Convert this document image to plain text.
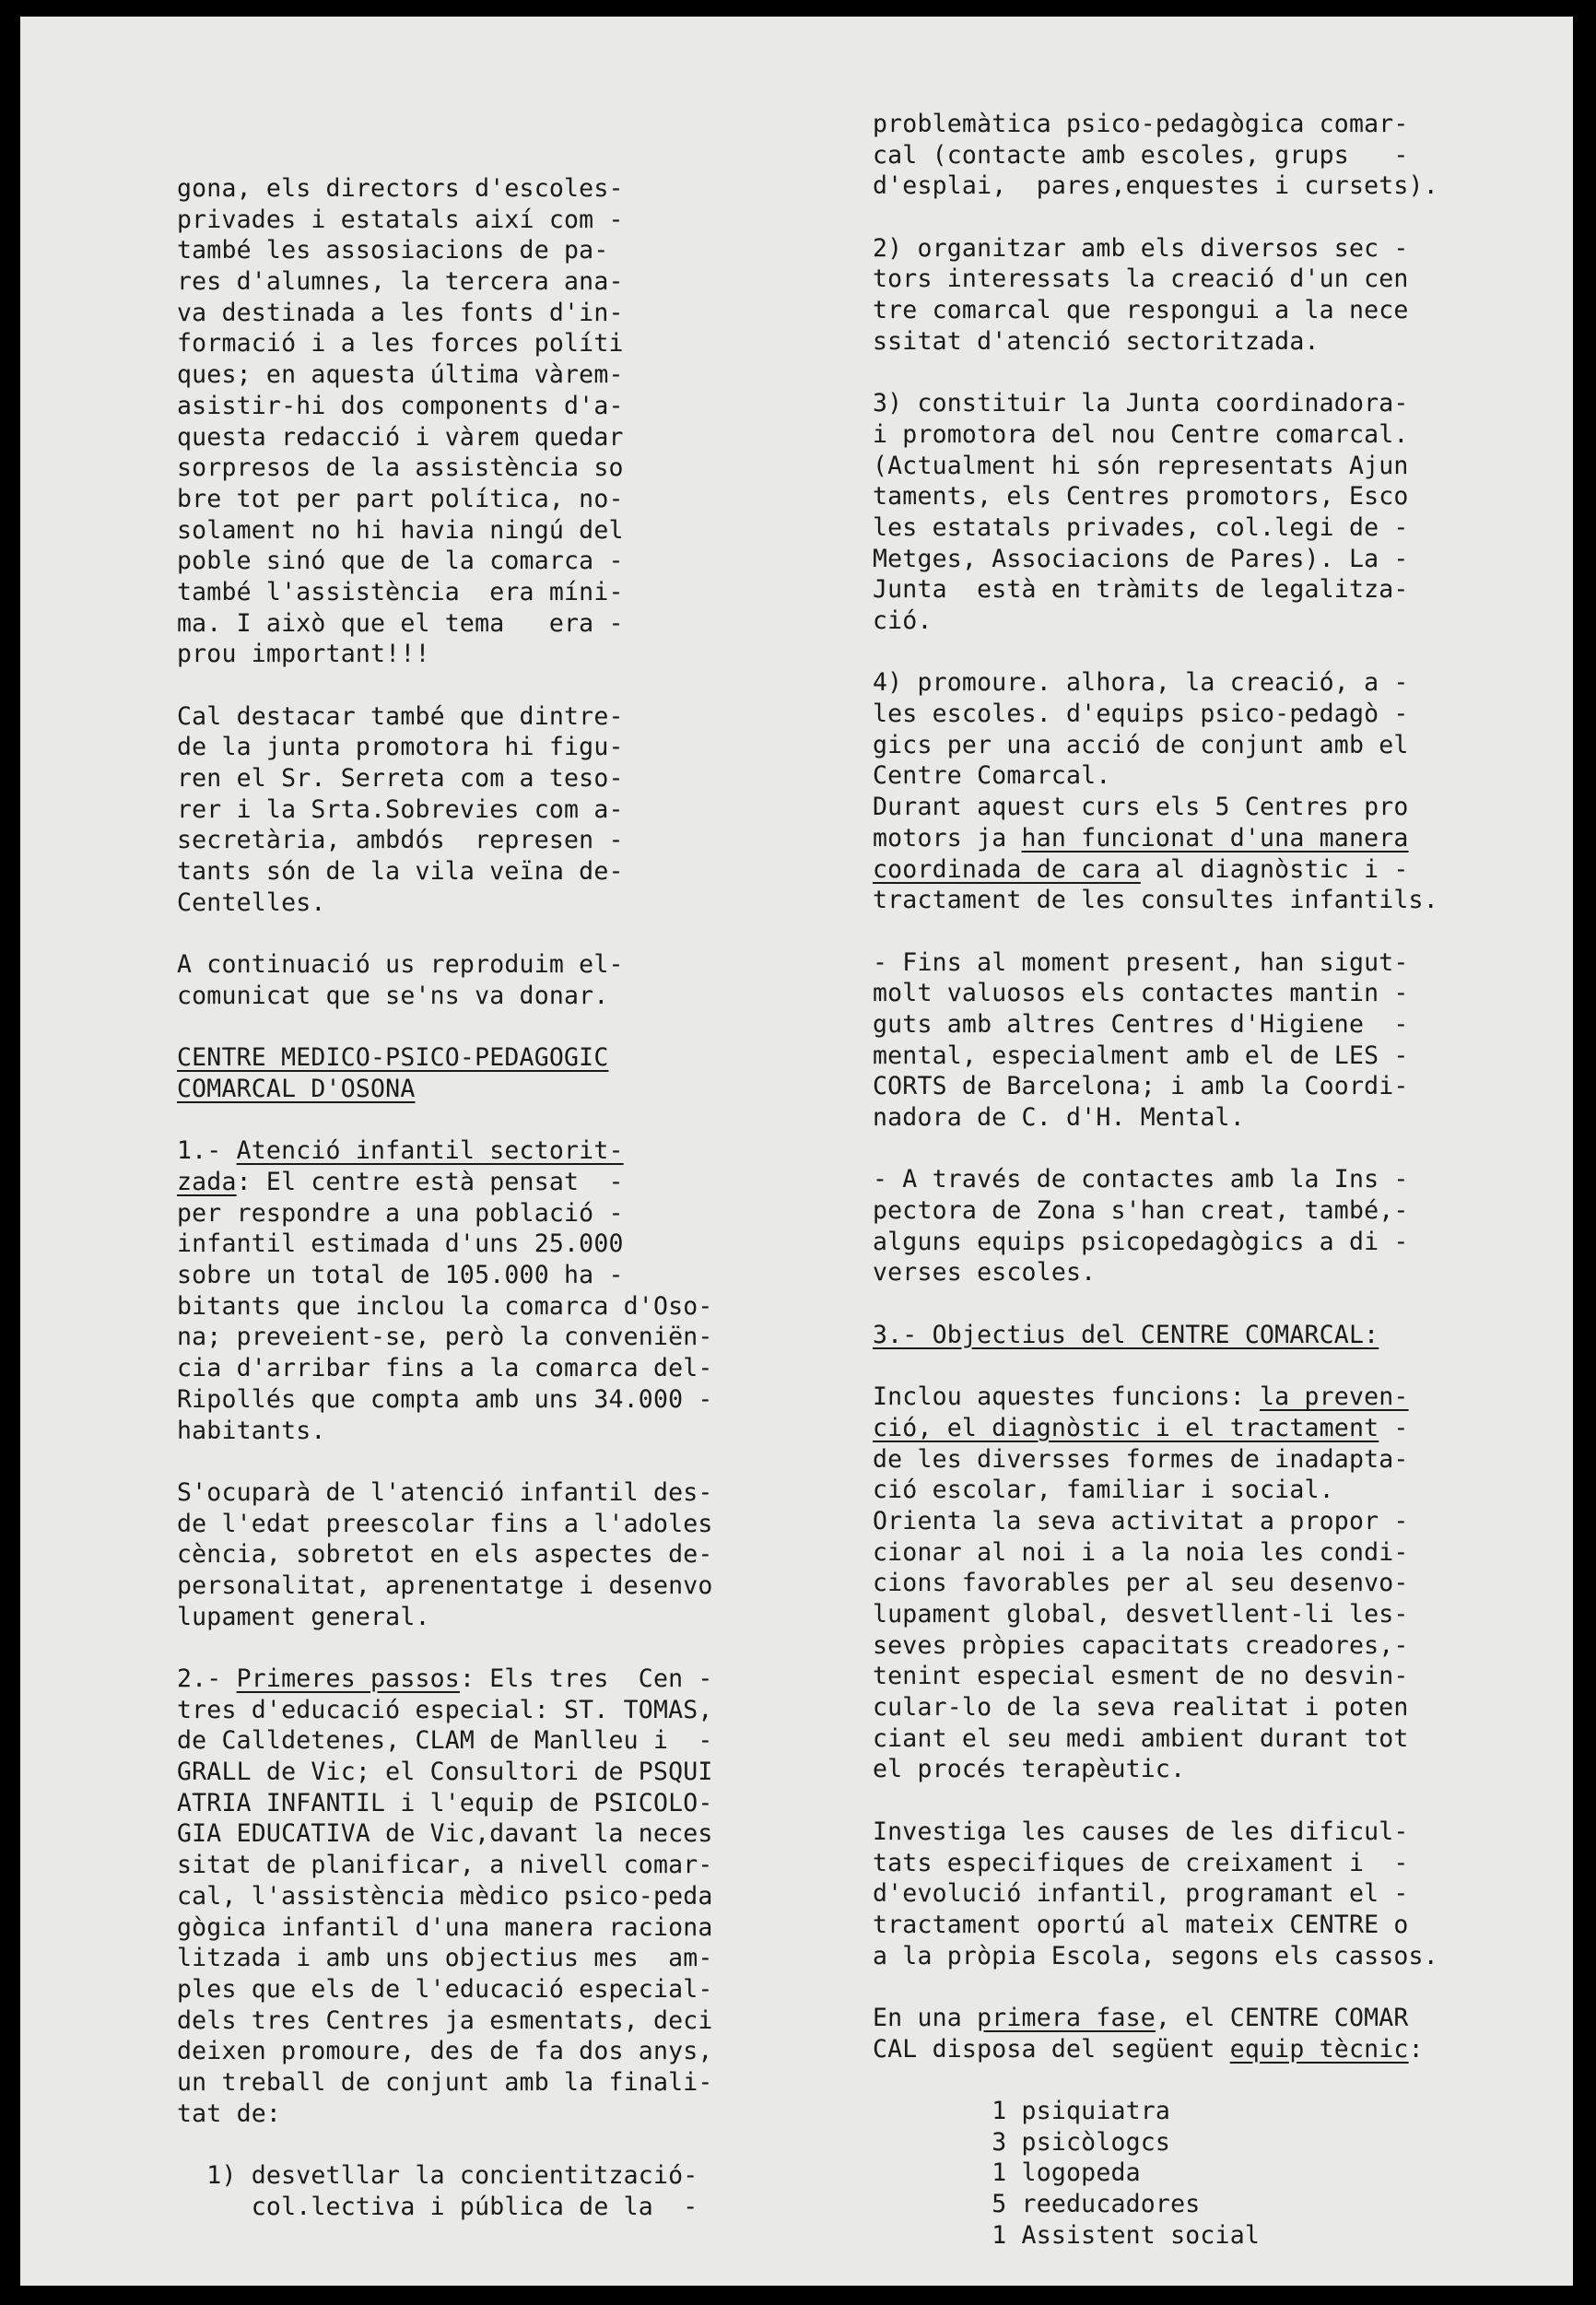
gona, els directors d'escoles-
privades i estatals així com -
també les assosiacions de pa-
res d'alumnes, la tercera ana-
va destinada a les fonts d'in-
formació i a les forces políti
ques; en aquesta última vàrem-
asistir-hi dos components d'a-
questa redacció i vàrem quedar
sorpresos de la assistència so
bre tot per part política, no-
solament no hi havia ningú del
poble sinó que de la comarca -
també l'assistència  era míni-
ma. I això que el tema   era -
prou important!!!
Cal destacar també que dintre-
de la junta promotora hi figu-
ren el Sr. Serreta com a teso-
rer i la Srta.Sobrevies com a-
secretària, ambdós  represen -
tants són de la vila veïna de-
Centelles.
A continuació us reproduim el-
comunicat que se'ns va donar.
CENTRE MEDICO-PSICO-PEDAGOGIC
COMARCAL D'OSONA
1.- Atenció infantil sectorit-
zada: El centre està pensat  -
per respondre a una població -
infantil estimada d'uns 25.000
sobre un total de 105.000 ha -
bitants que inclou la comarca d'Oso-
na; preveient-se, però la conveniën-
cia d'arribar fins a la comarca del-
Ripollés que compta amb uns 34.000 -
habitants.
S'ocuparà de l'atenció infantil des-
de l'edat preescolar fins a l'adoles
cència, sobretot en els aspectes de-
personalitat, aprenentatge i desenvo
lupament general.
2.- Primeres passos: Els tres  Cen -
tres d'educació especial: ST. TOMAS,
de Calldetenes, CLAM de Manlleu i  -
GRALL de Vic; el Consultori de PSQUI
ATRIA INFANTIL i l'equip de PSICOLO-
GIA EDUCATIVA de Vic,davant la neces
sitat de planificar, a nivell comar-
cal, l'assistència mèdico psico-peda
gògica infantil d'una manera raciona
litzada i amb uns objectius mes  am-
ples que els de l'educació especial-
dels tres Centres ja esmentats, deci
deixen promoure, des de fa dos anys,
un treball de conjunt amb la finali-
tat de:
1) desvetllar la concientització-
col.lectiva i pública de la  -
problemàtica psico-pedagògica comar-
cal (contacte amb escoles, grups   -
d'esplai,  pares,enquestes i cursets).
2) organitzar amb els diversos sec -
tors interessats la creació d'un cen
tre comarcal que respongui a la nece
ssitat d'atenció sectoritzada.
3) constituir la Junta coordinadora-
i promotora del nou Centre comarcal.
(Actualment hi són representats Ajun
taments, els Centres promotors, Esco
les estatals privades, col.legi de -
Metges, Associacions de Pares). La -
Junta  està en tràmits de legalitza-
ció.
4) promoure. alhora, la creació, a -
les escoles. d'equips psico-pedagò -
gics per una acció de conjunt amb el
Centre Comarcal.
Durant aquest curs els 5 Centres pro
motors ja han funcionat d'una manera
coordinada de cara al diagnòstic i -
tractament de les consultes infantils.
- Fins al moment present, han sigut-
molt valuosos els contactes mantin -
guts amb altres Centres d'Higiene  -
mental, especialment amb el de LES -
CORTS de Barcelona; i amb la Coordi-
nadora de C. d'H. Mental.
- A través de contactes amb la Ins -
pectora de Zona s'han creat, també,-
alguns equips psicopedagògics a di -
verses escoles.
3.- Objectius del CENTRE COMARCAL:
Inclou aquestes funcions: la preven-
ció, el diagnòstic i el tractament -
de les diversses formes de inadapta-
ció escolar, familiar i social.
Orienta la seva activitat a propor -
cionar al noi i a la noia les condi-
cions favorables per al seu desenvo-
lupament global, desvetllent-li les-
seves pròpies capacitats creadores,-
tenint especial esment de no desvin-
cular-lo de la seva realitat i poten
ciant el seu medi ambient durant tot
el procés terapèutic.
Investiga les causes de les dificul-
tats especifiques de creixament i  -
d'evolució infantil, programant el -
tractament oportú al mateix CENTRE o
a la pròpia Escola, segons els cassos.
En una primera fase, el CENTRE COMAR
CAL disposa del següent equip tècnic:
1 psiquiatra
3 psicòlogcs
1 logopeda
5 reeducadores
1 Assistent social
